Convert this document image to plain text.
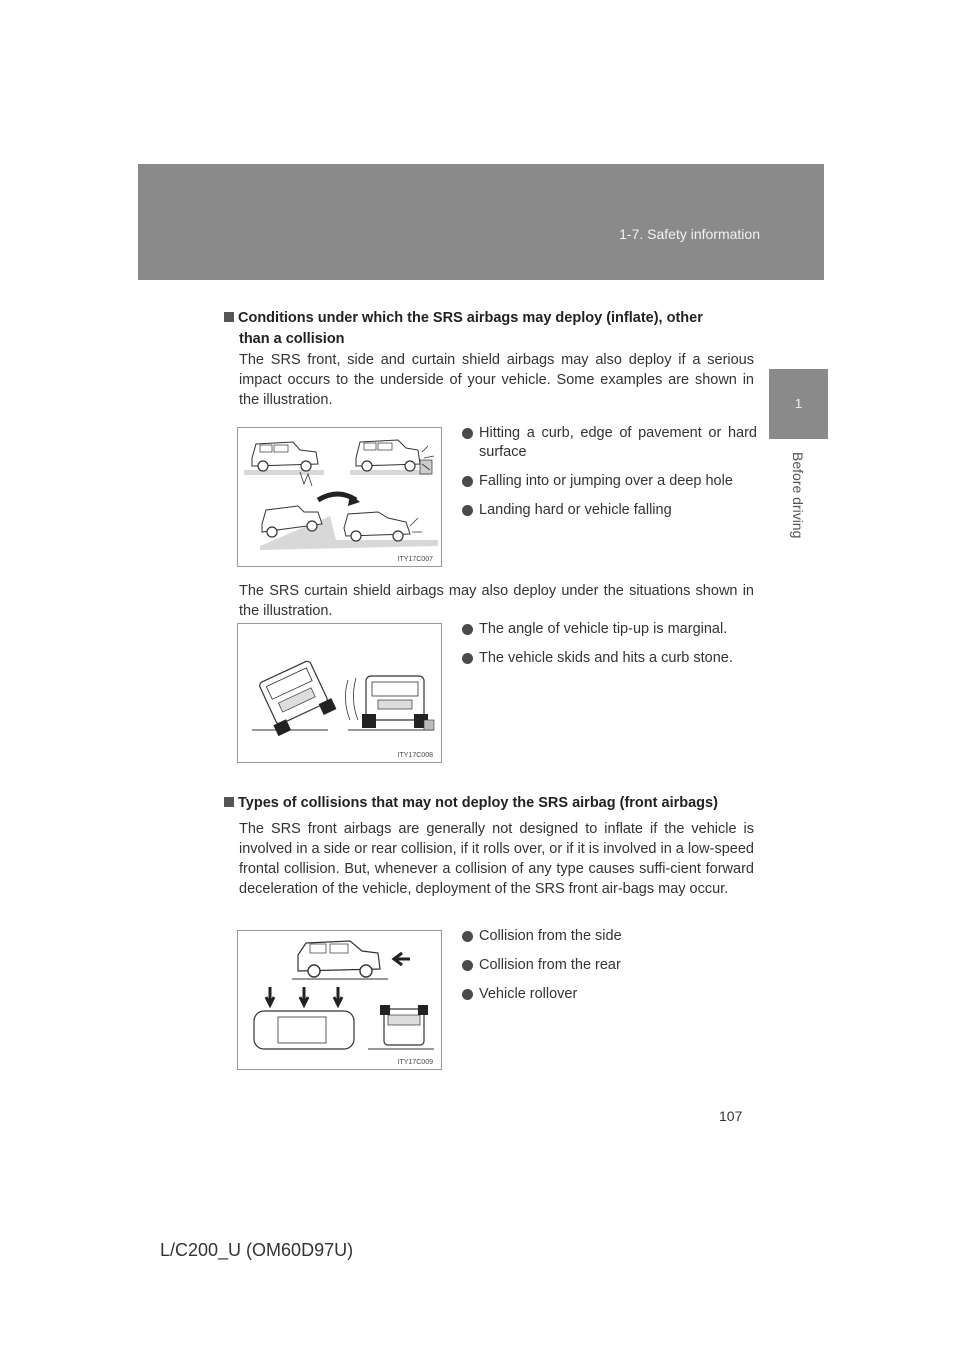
1-7. Safety information
1
Before driving
Conditions under which the SRS airbags may deploy (inflate), other
than a collision
The SRS front, side and curtain shield airbags may also deploy if a serious impact occurs to the underside of your vehicle. Some examples are shown in the illustration.
ITY17C007
Hitting a curb, edge of pavement or hard surface
Falling into or jumping over a deep hole
Landing hard or vehicle falling
The SRS curtain shield airbags may also deploy under the situations shown in the illustration.
ITY17C008
The angle of vehicle tip-up is marginal.
The vehicle skids and hits a curb stone.
Types of collisions that may not deploy the SRS airbag (front airbags)
The SRS front airbags are generally not designed to inflate if the vehicle is involved in a side or rear collision, if it rolls over, or if it is involved in a low-speed frontal collision. But, whenever a collision of any type causes suffi-cient forward deceleration of the vehicle, deployment of the SRS front air-bags may occur.
ITY17C009
Collision from the side
Collision from the rear
Vehicle rollover
107
L/C200_U (OM60D97U)
